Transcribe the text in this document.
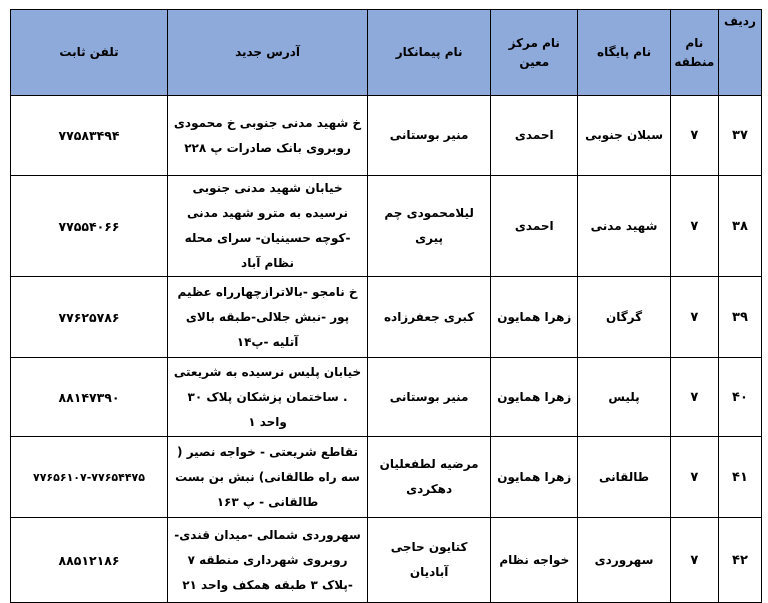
ردیف	نام منطقه	نام پایگاه	نام مرکز معین	نام پیمانکار	آدرس جدید	تلفن ثابت
۳۷	۷	سبلان جنوبی	احمدی	منیر بوستانی	خ شهید مدنی جنوبی خ محمودی روبروی بانک صادرات پ ۲۲۸	۷۷۵۸۳۴۹۴
۳۸	۷	شهید مدنی	احمدی	لیلامحمودی چم پیری	خیابان شهید مدنی جنوبی نرسیده به مترو شهید مدنی -کوچه حسینیان- سرای محله نظام آباد	۷۷۵۵۴۰۶۶
۳۹	۷	گرگان	زهرا همایون	کبری جعفرزاده	خ نامجو -بالاترازچهارراه عظیم پور -نبش جلالی-طبقه بالای آتلیه -پ۱۴	۷۷۶۲۵۷۸۶
۴۰	۷	پلیس	زهرا همایون	منیر بوستانی	خیابان پلیس نرسیده به شریعتی . ساختمان پزشکان پلاک ۳۰ واحد ۱	۸۸۱۴۷۳۹۰
۴۱	۷	طالقانی	زهرا همایون	مرضیه لطفعلیان دهکردی	تقاطع شریعتی - خواجه نصیر ( سه راه طالقانی) نبش بن بست طالقانی - پ ۱۶۳	۷۷۶۵۶۱۰۷-۷۷۶۵۴۴۷۵
۴۲	۷	سهروردی	خواجه نظام	کتایون حاجی آبادیان	سهروردی شمالی -میدان قندی- روبروی شهرداری منطقه ۷ -پلاک ۳ طبقه همکف واحد ۲۱	۸۸۵۱۲۱۸۶
